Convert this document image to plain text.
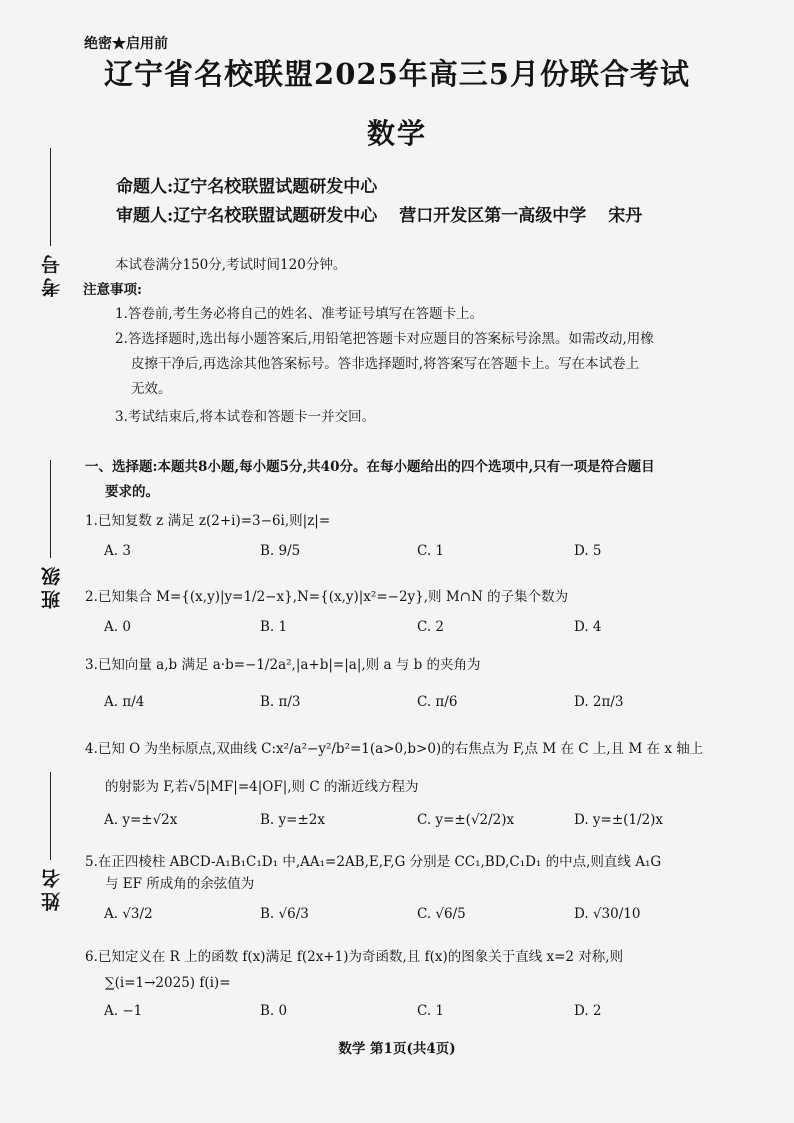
绝密★启用前
辽宁省名校联盟2025年高三5月份联合考试
数学
命题人:辽宁名校联盟试题研发中心
审题人:辽宁名校联盟试题研发中心 营口开发区第一高级中学 宋丹
考号
班级
姓名
本试卷满分150分,考试时间120分钟。
注意事项:
1.答卷前,考生务必将自己的姓名、准考证号填写在答题卡上。
2.答选择题时,选出每小题答案后,用铅笔把答题卡对应题目的答案标号涂黑。如需改动,用橡
皮擦干净后,再选涂其他答案标号。答非选择题时,将答案写在答题卡上。写在本试卷上
无效。
3.考试结束后,将本试卷和答题卡一并交回。
一、选择题:本题共8小题,每小题5分,共40分。在每小题给出的四个选项中,只有一项是符合题目
要求的。
1.已知复数 z 满足 z(2+i)=3−6i,则|z|=
A. 3	B. 9/5	C. 1	D. 5
2.已知集合 M={(x,y)|y=1/2−x},N={(x,y)|x²=−2y},则 M∩N 的子集个数为
A. 0	B. 1	C. 2	D. 4
3.已知向量 a,b 满足 a·b=−1/2a²,|a+b|=|a|,则 a 与 b 的夹角为
A. π/4	B. π/3	C. π/6	D. 2π/3
4.已知 O 为坐标原点,双曲线 C:x²/a²−y²/b²=1(a>0,b>0)的右焦点为 F,点 M 在 C 上,且 M 在 x 轴上
的射影为 F,若√5|MF|=4|OF|,则 C 的渐近线方程为
A. y=±√2x	B. y=±2x	C. y=±(√2/2)x	D. y=±(1/2)x
5.在正四棱柱 ABCD-A₁B₁C₁D₁ 中,AA₁=2AB,E,F,G 分别是 CC₁,BD,C₁D₁ 的中点,则直线 A₁G
与 EF 所成角的余弦值为
A. √3/2	B. √6/3	C. √6/5	D. √30/10
6.已知定义在 R 上的函数 f(x)满足 f(2x+1)为奇函数,且 f(x)的图象关于直线 x=2 对称,则
∑(i=1→2025) f(i)=
A. −1	B. 0	C. 1	D. 2
数学 第1页(共4页)
